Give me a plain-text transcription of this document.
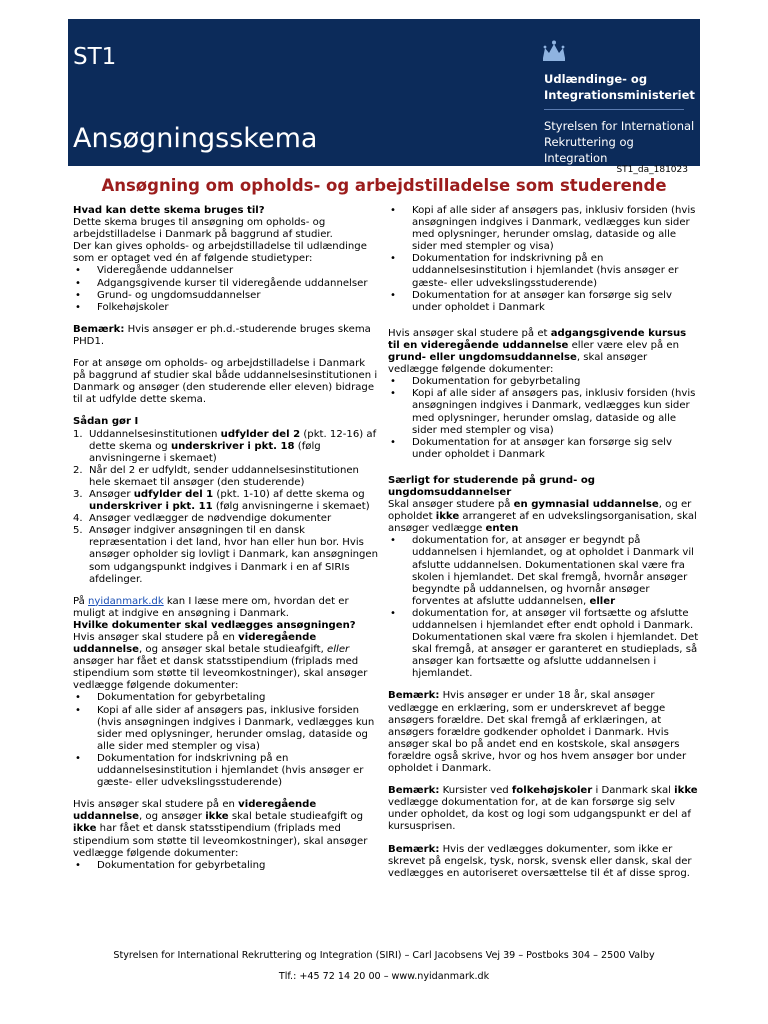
ST1
Ansøgningsskema
Udlændinge- og
Integrationsministeriet
Styrelsen for International
Rekruttering og Integration
ST1_da_181023
Ansøgning om opholds- og arbejdstilladelse som studerende

Hvad kan dette skema bruges til?

Dette skema bruges til ansøgning om opholds- og arbejdstilladelse i Danmark på baggrund af studier.

Der kan gives opholds- og arbejdstilladelse til udlændinge som er optaget ved én af følgende studietyper:

• Videregående uddannelser
• Adgangsgivende kurser til videregående uddannelser
• Grund- og ungdomsuddannelser
• Folkehøjskoler

Bemærk: Hvis ansøger er ph.d.-studerende bruges skema PHD1.

For at ansøge om opholds- og arbejdstilladelse i Danmark på baggrund af studier skal både uddannelsesinstitutionen i Danmark og ansøger (den studerende eller eleven) bidrage til at udfylde dette skema.

Sådan gør I

1. Uddannelsesinstitutionen udfylder del 2 (pkt. 12-16) af dette skema og underskriver i pkt. 18 (følg anvisningerne i skemaet)
2. Når del 2 er udfyldt, sender uddannelsesinstitutionen hele skemaet til ansøger (den studerende)
3. Ansøger udfylder del 1 (pkt. 1-10) af dette skema og underskriver i pkt. 11 (følg anvisningerne i skemaet)
4. Ansøger vedlægger de nødvendige dokumenter
5. Ansøger indgiver ansøgningen til en dansk repræsentation i det land, hvor han eller hun bor. Hvis ansøger opholder sig lovligt i Danmark, kan ansøgningen som udgangspunkt indgives i Danmark i en af SIRIs afdelinger.

På nyidanmark.dk kan I læse mere om, hvordan det er muligt at indgive en ansøgning i Danmark.

Hvilke dokumenter skal vedlægges ansøgningen?

Hvis ansøger skal studere på en videregående uddannelse, og ansøger skal betale studieafgift, eller ansøger har fået et dansk statsstipendium (friplads med stipendium som støtte til leveomkostninger), skal ansøger vedlægge følgende dokumenter:

• Dokumentation for gebyrbetaling
• Kopi af alle sider af ansøgers pas, inklusive forsiden (hvis ansøgningen indgives i Danmark, vedlægges kun sider med oplysninger, herunder omslag, dataside og alle sider med stempler og visa)
• Dokumentation for indskrivning på en uddannelsesinstitution i hjemlandet (hvis ansøger er gæste- eller udvekslingsstuderende)

Hvis ansøger skal studere på en videregående uddannelse, og ansøger ikke skal betale studieafgift og ikke har fået et dansk statsstipendium (friplads med stipendium som støtte til leveomkostninger), skal ansøger vedlægge følgende dokumenter:

• Dokumentation for gebyrbetaling
• Kopi af alle sider af ansøgers pas, inklusiv forsiden (hvis ansøgningen indgives i Danmark, vedlægges kun sider med oplysninger, herunder omslag, dataside og alle sider med stempler og visa)
• Dokumentation for indskrivning på en uddannelsesinstitution i hjemlandet (hvis ansøger er gæste- eller udvekslingsstuderende)
• Dokumentation for at ansøger kan forsørge sig selv under opholdet i Danmark

Hvis ansøger skal studere på et adgangsgivende kursus til en videregående uddannelse eller være elev på en grund- eller ungdomsuddannelse, skal ansøger vedlægge følgende dokumenter:

• Dokumentation for gebyrbetaling
• Kopi af alle sider af ansøgers pas, inklusiv forsiden (hvis ansøgningen indgives i Danmark, vedlægges kun sider med oplysninger, herunder omslag, dataside og alle sider med stempler og visa)
• Dokumentation for at ansøger kan forsørge sig selv under opholdet i Danmark

Særligt for studerende på grund- og ungdomsuddannelser

Skal ansøger studere på en gymnasial uddannelse, og er opholdet ikke arrangeret af en udvekslingsorganisation, skal ansøger vedlægge enten

• dokumentation for, at ansøger er begyndt på uddannelsen i hjemlandet, og at opholdet i Danmark vil afslutte uddannelsen. Dokumentationen skal være fra skolen i hjemlandet. Det skal fremgå, hvornår ansøger begyndte på uddannelsen, og hvornår ansøger forventes at afslutte uddannelsen, eller
• dokumentation for, at ansøger vil fortsætte og afslutte uddannelsen i hjemlandet efter endt ophold i Danmark. Dokumentationen skal være fra skolen i hjemlandet. Det skal fremgå, at ansøger er garanteret en studieplads, så ansøger kan fortsætte og afslutte uddannelsen i hjemlandet.

Bemærk: Hvis ansøger er under 18 år, skal ansøger vedlægge en erklæring, som er underskrevet af begge ansøgers forældre. Det skal fremgå af erklæringen, at ansøgers forældre godkender opholdet i Danmark. Hvis ansøger skal bo på andet end en kostskole, skal ansøgers forældre også skrive, hvor og hos hvem ansøger bor under opholdet i Danmark.

Bemærk: Kursister ved folkehøjskoler i Danmark skal ikke vedlægge dokumentation for, at de kan forsørge sig selv under opholdet, da kost og logi som udgangspunkt er del af kursusprisen.

Bemærk: Hvis der vedlægges dokumenter, som ikke er skrevet på engelsk, tysk, norsk, svensk eller dansk, skal der vedlægges en autoriseret oversættelse til ét af disse sprog.

Styrelsen for International Rekruttering og Integration (SIRI) – Carl Jacobsens Vej 39 – Postboks 304 – 2500 Valby
Tlf.: +45 72 14 20 00 – www.nyidanmark.dk
